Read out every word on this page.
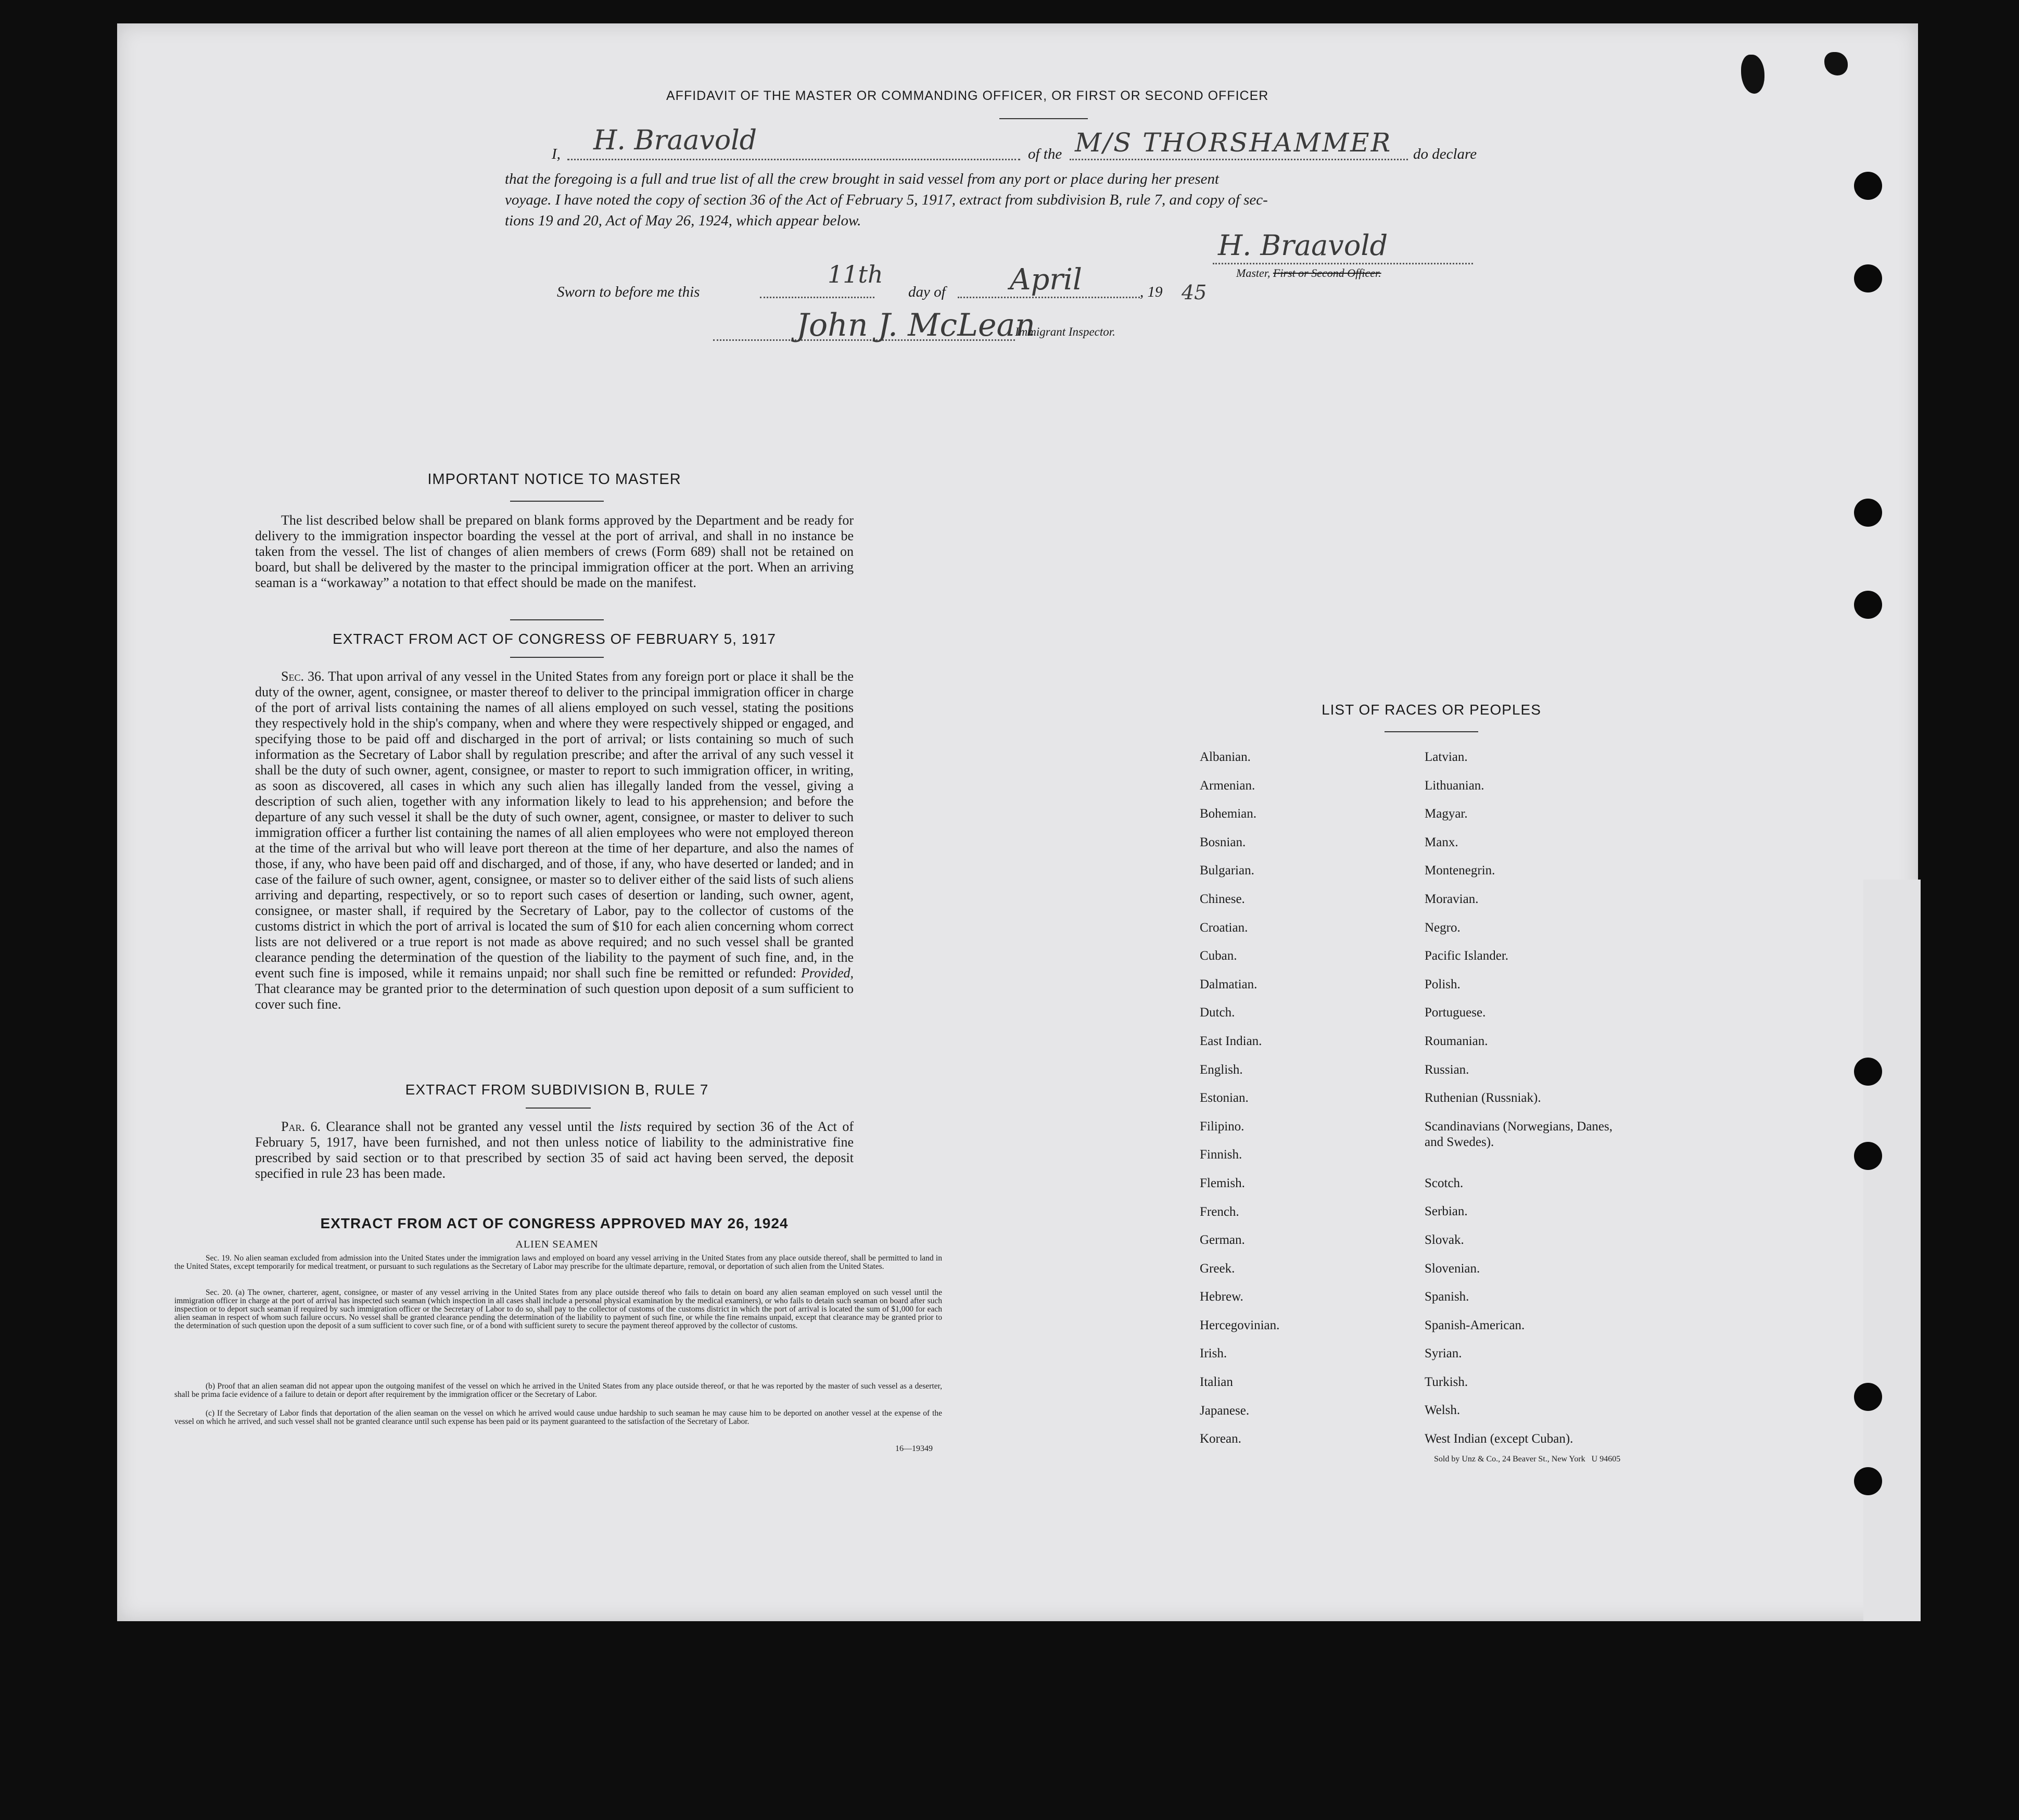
AFFIDAVIT OF THE MASTER OR COMMANDING OFFICER, OR FIRST OR SECOND OFFICER
I, H. Braavold	of the M/S THORSHAMMER do declare
that the foregoing is a full and true list of all the crew brought in said vessel from any port or place during her present
voyage. I have noted the copy of section 36 of the Act of February 5, 1917, extract from subdivision B, rule 7, and copy of sec-
tions 19 and 20, Act of May 26, 1924, which appear below.
H. Braavold
Master, First or Second Officer.
Sworn to before me this
11th
day of April	, 19 45
John J. McLean
Immigrant Inspector.
IMPORTANT NOTICE TO MASTER
The list described below shall be prepared on blank forms approved by the Department and be ready for delivery to the immigration inspector boarding the vessel at the port of arrival, and shall in no instance be taken from the vessel. The list of changes of alien members of crews (Form 689) shall not be retained on board, but shall be delivered by the master to the principal immigration officer at the port. When an arriving seaman is a “workaway” a notation to that effect should be made on the manifest.
EXTRACT FROM ACT OF CONGRESS OF FEBRUARY 5, 1917
Sec. 36. That upon arrival of any vessel in the United States from any foreign port or place it shall be the duty of the owner, agent, consignee, or master thereof to deliver to the principal immigration officer in charge of the port of arrival lists containing the names of all aliens employed on such vessel, stating the positions they respectively hold in the ship's company, when and where they were respectively shipped or engaged, and specifying those to be paid off and discharged in the port of arrival; or lists containing so much of such information as the Secretary of Labor shall by regulation prescribe; and after the arrival of any such vessel it shall be the duty of such owner, agent, consignee, or master to report to such immigration officer, in writing, as soon as discovered, all cases in which any such alien has illegally landed from the vessel, giving a description of such alien, together with any information likely to lead to his apprehension; and before the departure of any such vessel it shall be the duty of such owner, agent, consignee, or master to deliver to such immigration officer a further list containing the names of all alien employees who were not employed thereon at the time of the arrival but who will leave port thereon at the time of her departure, and also the names of those, if any, who have been paid off and discharged, and of those, if any, who have deserted or landed; and in case of the failure of such owner, agent, consignee, or master so to deliver either of the said lists of such aliens arriving and departing, respectively, or so to report such cases of desertion or landing, such owner, agent, consignee, or master shall, if required by the Secretary of Labor, pay to the collector of customs of the customs district in which the port of arrival is located the sum of $10 for each alien concerning whom correct lists are not delivered or a true report is not made as above required; and no such vessel shall be granted clearance pending the determination of the question of the liability to the payment of such fine, and, in the event such fine is imposed, while it remains unpaid; nor shall such fine be remitted or refunded: Provided, That clearance may be granted prior to the determination of such question upon deposit of a sum sufficient to cover such fine.
EXTRACT FROM SUBDIVISION B, RULE 7
Par. 6. Clearance shall not be granted any vessel until the lists required by section 36 of the Act of February 5, 1917, have been furnished, and not then unless notice of liability to the administrative fine prescribed by said section or to that prescribed by section 35 of said act having been served, the deposit specified in rule 23 has been made.
EXTRACT FROM ACT OF CONGRESS APPROVED MAY 26, 1924
ALIEN SEAMEN
Sec. 19. No alien seaman excluded from admission into the United States under the immigration laws and employed on board any vessel arriving in the United States from any place outside thereof, shall be permitted to land in the United States, except temporarily for medical treatment, or pursuant to such regulations as the Secretary of Labor may prescribe for the ultimate departure, removal, or deportation of such alien from the United States.
Sec. 20. (a) The owner, charterer, agent, consignee, or master of any vessel arriving in the United States from any place outside thereof who fails to detain on board any alien seaman employed on such vessel until the immigration officer in charge at the port of arrival has inspected such seaman (which inspection in all cases shall include a personal physical examination by the medical examiners), or who fails to detain such seaman on board after such inspection or to deport such seaman if required by such immigration officer or the Secretary of Labor to do so, shall pay to the collector of customs of the customs district in which the port of arrival is located the sum of $1,000 for each alien seaman in respect of whom such failure occurs. No vessel shall be granted clearance pending the determination of the liability to payment of such fine, or while the fine remains unpaid, except that clearance may be granted prior to the determination of such question upon the deposit of a sum sufficient to cover such fine, or of a bond with sufficient surety to secure the payment thereof approved by the collector of customs.
(b) Proof that an alien seaman did not appear upon the outgoing manifest of the vessel on which he arrived in the United States from any place outside thereof, or that he was reported by the master of such vessel as a deserter, shall be prima facie evidence of a failure to detain or deport after requirement by the immigration officer or the Secretary of Labor.
(c) If the Secretary of Labor finds that deportation of the alien seaman on the vessel on which he arrived would cause undue hardship to such seaman he may cause him to be deported on another vessel at the expense of the vessel on which he arrived, and such vessel shall not be granted clearance until such expense has been paid or its payment guaranteed to the satisfaction of the Secretary of Labor.
16—19349
LIST OF RACES OR PEOPLES
Albanian.
Armenian.
Bohemian.
Bosnian.
Bulgarian.
Chinese.
Croatian.
Cuban.
Dalmatian.
Dutch.
East Indian.
English.
Estonian.
Filipino.
Finnish.
Flemish.
French.
German.
Greek.
Hebrew.
Hercegovinian.
Irish.
Italian
Japanese.
Korean.
Latvian.
Lithuanian.
Magyar.
Manx.
Montenegrin.
Moravian.
Negro.
Pacific Islander.
Polish.
Portuguese.
Roumanian.
Russian.
Ruthenian (Russniak).
Scandinavians (Norwegians, Danes, and Swedes).
Scotch.
Serbian.
Slovak.
Slovenian.
Spanish.
Spanish-American.
Syrian.
Turkish.
Welsh.
West Indian (except Cuban).
Sold by Unz & Co., 24 Beaver St., New York   U 94605
